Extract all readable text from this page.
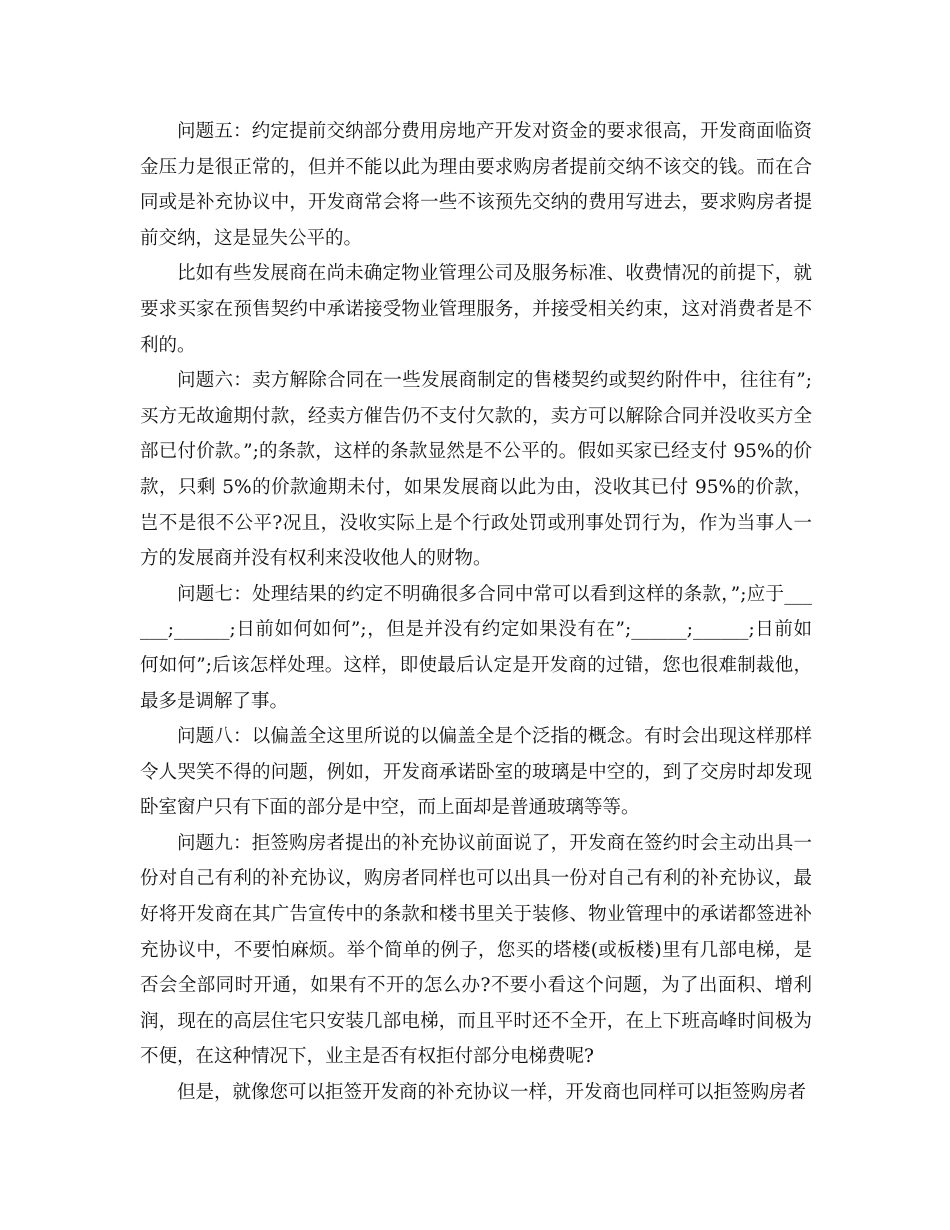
问题五：约定提前交纳部分费用房地产开发对资金的要求很高，开发商面临资金压力是很正常的，但并不能以此为理由要求购房者提前交纳不该交的钱。而在合同或是补充协议中，开发商常会将一些不该预先交纳的费用写进去，要求购房者提前交纳，这是显失公平的。

比如有些发展商在尚未确定物业管理公司及服务标准、收费情况的前提下，就要求买家在预售契约中承诺接受物业管理服务，并接受相关约束，这对消费者是不利的。

问题六：卖方解除合同在一些发展商制定的售楼契约或契约附件中，往往有”;买方无故逾期付款，经卖方催告仍不支付欠款的，卖方可以解除合同并没收买方全部已付价款。”;的条款，这样的条款显然是不公平的。假如买家已经支付 95%的价款，只剩 5%的价款逾期未付，如果发展商以此为由，没收其已付 95%的价款，岂不是很不公平?况且，没收实际上是个行政处罚或刑事处罚行为，作为当事人一方的发展商并没有权利来没收他人的财物。

问题七：处理结果的约定不明确很多合同中常可以看到这样的条款，”;应于______;______;日前如何如何”;，但是并没有约定如果没有在”;______;______;日前如何如何”;后该怎样处理。这样，即使最后认定是开发商的过错，您也很难制裁他，最多是调解了事。

问题八：以偏盖全这里所说的以偏盖全是个泛指的概念。有时会出现这样那样令人哭笑不得的问题，例如，开发商承诺卧室的玻璃是中空的，到了交房时却发现卧室窗户只有下面的部分是中空，而上面却是普通玻璃等等。

问题九：拒签购房者提出的补充协议前面说了，开发商在签约时会主动出具一份对自己有利的补充协议，购房者同样也可以出具一份对自己有利的补充协议，最好将开发商在其广告宣传中的条款和楼书里关于装修、物业管理中的承诺都签进补充协议中，不要怕麻烦。举个简单的例子，您买的塔楼(或板楼)里有几部电梯，是否会全部同时开通，如果有不开的怎么办?不要小看这个问题，为了出面积、增利润，现在的高层住宅只安装几部电梯，而且平时还不全开，在上下班高峰时间极为不便，在这种情况下，业主是否有权拒付部分电梯费呢?

但是，就像您可以拒签开发商的补充协议一样，开发商也同样可以拒签购房者
